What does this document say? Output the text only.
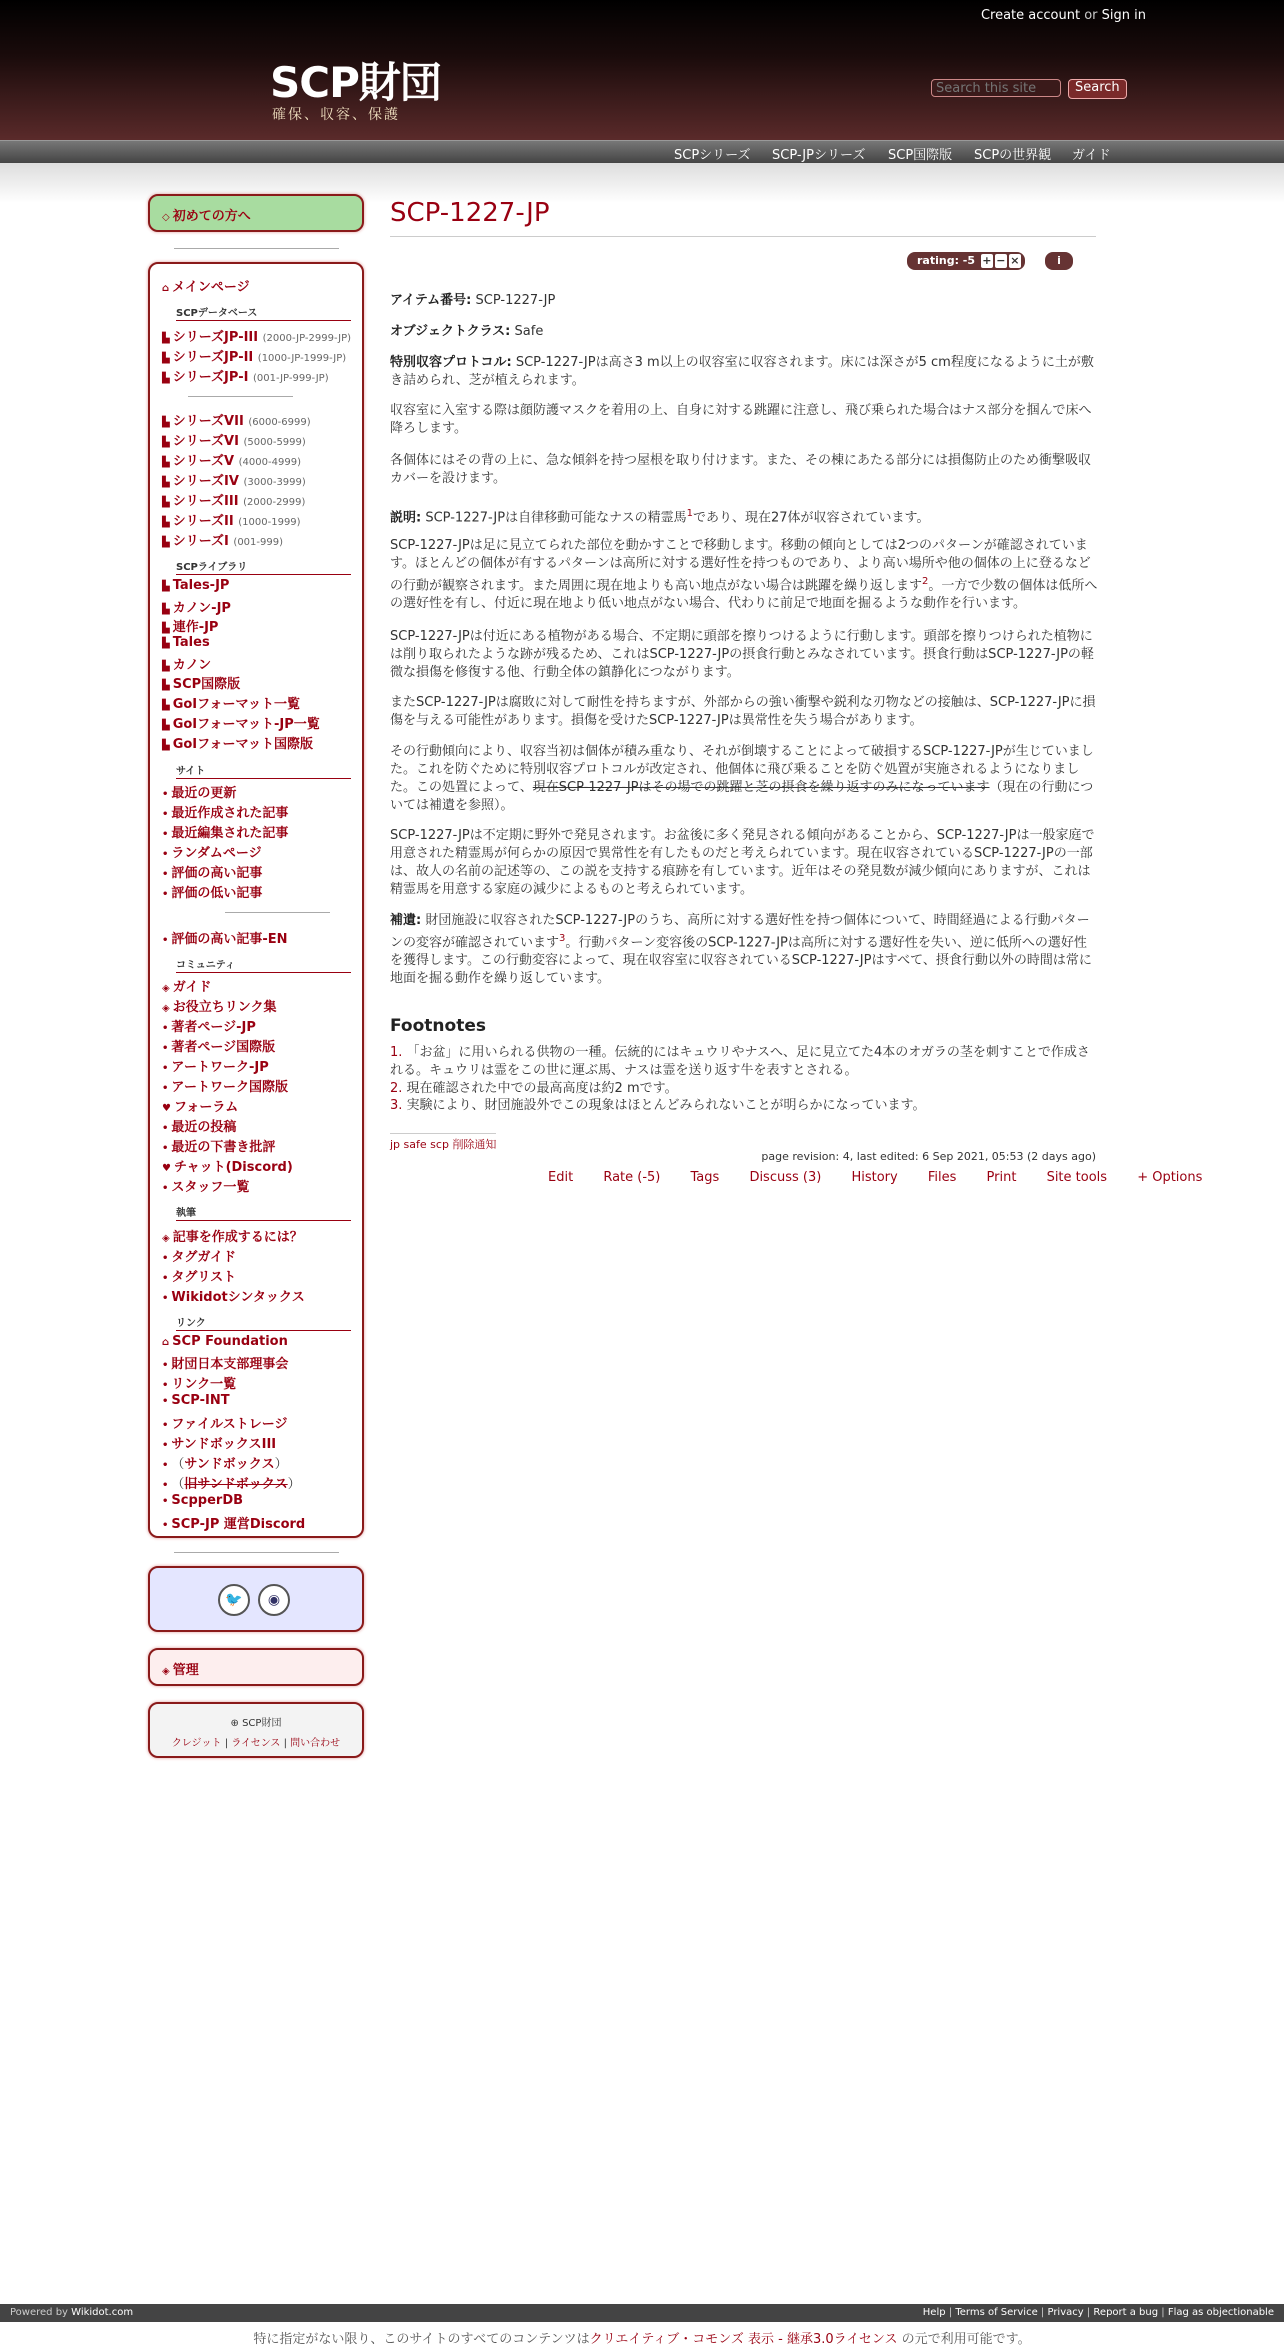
Create account or Sign in
SCP財団
確保、収容、保護
Search this site
Search
SCPシリーズ SCP-JPシリーズ SCP国際版 SCPの世界観 ガイド
◇ 初めての方へ
⌂ メインページ
SCPデータベース
▙ シリーズJP-III (2000-JP-2999-JP)
▙ シリーズJP-II (1000-JP-1999-JP)
▙ シリーズJP-I (001-JP-999-JP)
▙ シリーズVII (6000-6999)
▙ シリーズVI (5000-5999)
▙ シリーズV (4000-4999)
▙ シリーズIV (3000-3999)
▙ シリーズIII (2000-2999)
▙ シリーズII (1000-1999)
▙ シリーズI (001-999)
SCPライブラリ
▙ Tales-JP
▙ カノン-JP
▙ 連作-JP
▙ Tales
▙ カノン
▙ SCP国際版
▙ GoIフォーマット一覧
▙ GoIフォーマット-JP一覧
▙ GoIフォーマット国際版
サイト
• 最近の更新
• 最近作成された記事
• 最近編集された記事
• ランダムページ
• 評価の高い記事
• 評価の低い記事
• 評価の高い記事-EN
コミュニティ
◈ ガイド
◈ お役立ちリンク集
• 著者ページ-JP
• 著者ページ国際版
• アートワーク-JP
• アートワーク国際版
♥ フォーラム
• 最近の投稿
• 最近の下書き批評
♥ チャット(Discord)
• スタッフ一覧
執筆
◈ 記事を作成するには？
• タグガイド
• タグリスト
• Wikidotシンタックス
リンク
⌂ SCP Foundation
• 財団日本支部理事会
• リンク一覧
• SCP-INT
• ファイルストレージ
• サンドボックスIII
• （サンドボックス）
• （旧サンドボックス）
• ScpperDB
• SCP-JP 運営Discord
🐦	◉
◈ 管理
⊕ SCP財団
クレジット | ライセンス | 問い合わせ
SCP-1227-JP
rating: -5 + − ×	i
アイテム番号: SCP-1227-JP
オブジェクトクラス: Safe
特別収容プロトコル: SCP-1227-JPは高さ3 m以上の収容室に収容されます。床には深さが5 cm程度になるように土が敷き詰められ、芝が植えられます。
収容室に入室する際は顔防護マスクを着用の上、自身に対する跳躍に注意し、飛び乗られた場合はナス部分を掴んで床へ降ろします。
各個体にはその背の上に、急な傾斜を持つ屋根を取り付けます。また、その棟にあたる部分には損傷防止のため衝撃吸収カバーを設けます。
説明: SCP-1227-JPは自律移動可能なナスの精霊馬$^1$であり、現在27体が収容されています。
SCP-1227-JPは足に見立てられた部位を動かすことで移動します。移動の傾向としては2つのパターンが確認されています。ほとんどの個体が有するパターンは高所に対する選好性を持つものであり、より高い場所や他の個体の上に登るなどの行動が観察されます。また周囲に現在地よりも高い地点がない場合は跳躍を繰り返します$^2$。一方で少数の個体は低所への選好性を有し、付近に現在地より低い地点がない場合、代わりに前足で地面を掘るような動作を行います。
SCP-1227-JPは付近にある植物がある場合、不定期に頭部を擦りつけるように行動します。頭部を擦りつけられた植物には削り取られたような跡が残るため、これはSCP-1227-JPの摂食行動とみなされています。摂食行動はSCP-1227-JPの軽微な損傷を修復する他、行動全体の鎮静化につながります。
またSCP-1227-JPは腐敗に対して耐性を持ちますが、外部からの強い衝撃や鋭利な刃物などの接触は、SCP-1227-JPに損傷を与える可能性があります。損傷を受けたSCP-1227-JPは異常性を失う場合があります。
その行動傾向により、収容当初は個体が積み重なり、それが倒壊することによって破損するSCP-1227-JPが生じていました。これを防ぐために特別収容プロトコルが改定され、他個体に飛び乗ることを防ぐ処置が実施されるようになりました。この処置によって、現在SCP-1227-JPはその場での跳躍と芝の摂食を繰り返すのみになっています（現在の行動については補遺を参照）。
SCP-1227-JPは不定期に野外で発見されます。お盆後に多く発見される傾向があることから、SCP-1227-JPは一般家庭で用意された精霊馬が何らかの原因で異常性を有したものだと考えられています。現在収容されているSCP-1227-JPの一部は、故人の名前の記述等の、この説を支持する痕跡を有しています。近年はその発見数が減少傾向にありますが、これは精霊馬を用意する家庭の減少によるものと考えられています。
補遺: 財団施設に収容されたSCP-1227-JPのうち、高所に対する選好性を持つ個体について、時間経過による行動パターンの変容が確認されています$^3$。行動パターン変容後のSCP-1227-JPは高所に対する選好性を失い、逆に低所への選好性を獲得します。この行動変容によって、現在収容室に収容されているSCP-1227-JPはすべて、摂食行動以外の時間は常に地面を掘る動作を繰り返しています。
Footnotes
1. 「お盆」に用いられる供物の一種。伝統的にはキュウリやナスへ、足に見立てた4本のオガラの茎を刺すことで作成される。キュウリは霊をこの世に運ぶ馬、ナスは霊を送り返す牛を表すとされる。
2. 現在確認された中での最高高度は約2 mです。
3. 実験により、財団施設外でこの現象はほとんどみられないことが明らかになっています。
jp safe scp 削除通知
page revision: 4, last edited: 6 Sep 2021, 05:53 (2 days ago)
Edit Rate (-5) Tags Discuss (3) History Files Print Site tools + Options
Powered by Wikidot.com	Help | Terms of Service | Privacy | Report a bug | Flag as objectionable
特に指定がない限り、このサイトのすべてのコンテンツはクリエイティブ・コモンズ 表示 - 継承3.0ライセンス の元で利用可能です。
